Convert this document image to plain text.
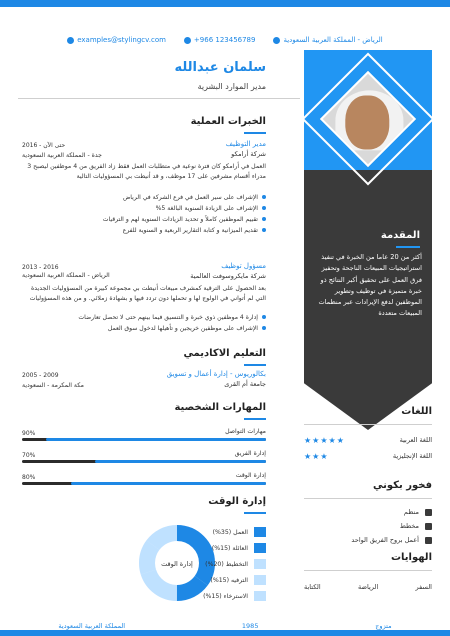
examples@stylingcv.com	+966 123456789	الرياض - المملكة العربية السعودية
المقدمة
أكثر من 20 عاما من الخبرة في تنفيذ استراتيجيات المبيعات الناجحة وتحفيز فرق العمل على تحقيق أكبر النتائج ذو خبرة متميزة في توظيف وتطوير الموظفين لدفع الإيرادات عبر منظمات المبيعات متعددة
اللغات
اللغة العربية
★★★★★
اللغة الإنجليزية
★★★
فخور بكوني
منظم
مخطط
أعمل بروح الفريق الواحد
الهوايات
السفر
الرياضة
الكتابة
سلمان عبدالله
مدير الموارد البشرية
الخبرات العملية
2016 - حتى الآن	مدير التوظيف
شركة أرامكو
جدة - المملكة العربية السعودية
العمل في أرامكو كان فترة نوعية في متطلبات العمل فقط زاد الفريق من 4 موظفين ليصبح 3 مدراء أقسام مشرفين على 17 موظف، و قد أنيطت بي المسؤوليات التالية
الإشراف على سير العمل في فرع الشركة في الرياض
الإشراف على الزيادة السنوية البالغة 5%
تقييم الموظفين كاملاً و تحديد الزيادات السنوية لهم و الترقيات
تقديم الميزانية و كتابة التقارير الربعية و السنوية للفرع
2013 - 2016	مسؤول توظيف
شركة مايكروسوفت العالمية
الرياض - المملكة العربية السعودية
بعد الحصول على الترقية كمشرف مبيعات أنيطت بي مجموعة كبيرة من المسؤوليات الجديدة التي لم أتواني في الولوج لها و تحملها دون تردد فيها و بشهادة زملائي. و من هذه المسؤوليات
إدارة 4 موظفين ذوي خبرة و التنسيق فيما بينهم حتى لا تحصل تعارضات
الإشراف على موظفين خريجين و تأهيلها لدخول سوق العمل
التعليم الاكاديمي
2005 - 2009	بكالوريوس - إدارة أعمال و تسويق
جامعة أم القرى
مكة المكرمة - السعودية
المهارات الشخصية
90%	مهارات التواصل
70%	إدارة الفريق
80%	إدارة الوقت
إدارة الوقت
إدارة الوقت
العمل (35%)
العائلة (15%)
التخطيط (20%)
الترفيه (15%)
الاسترخاء (15%)
متزوج
1985
المملكة العربية السعودية
